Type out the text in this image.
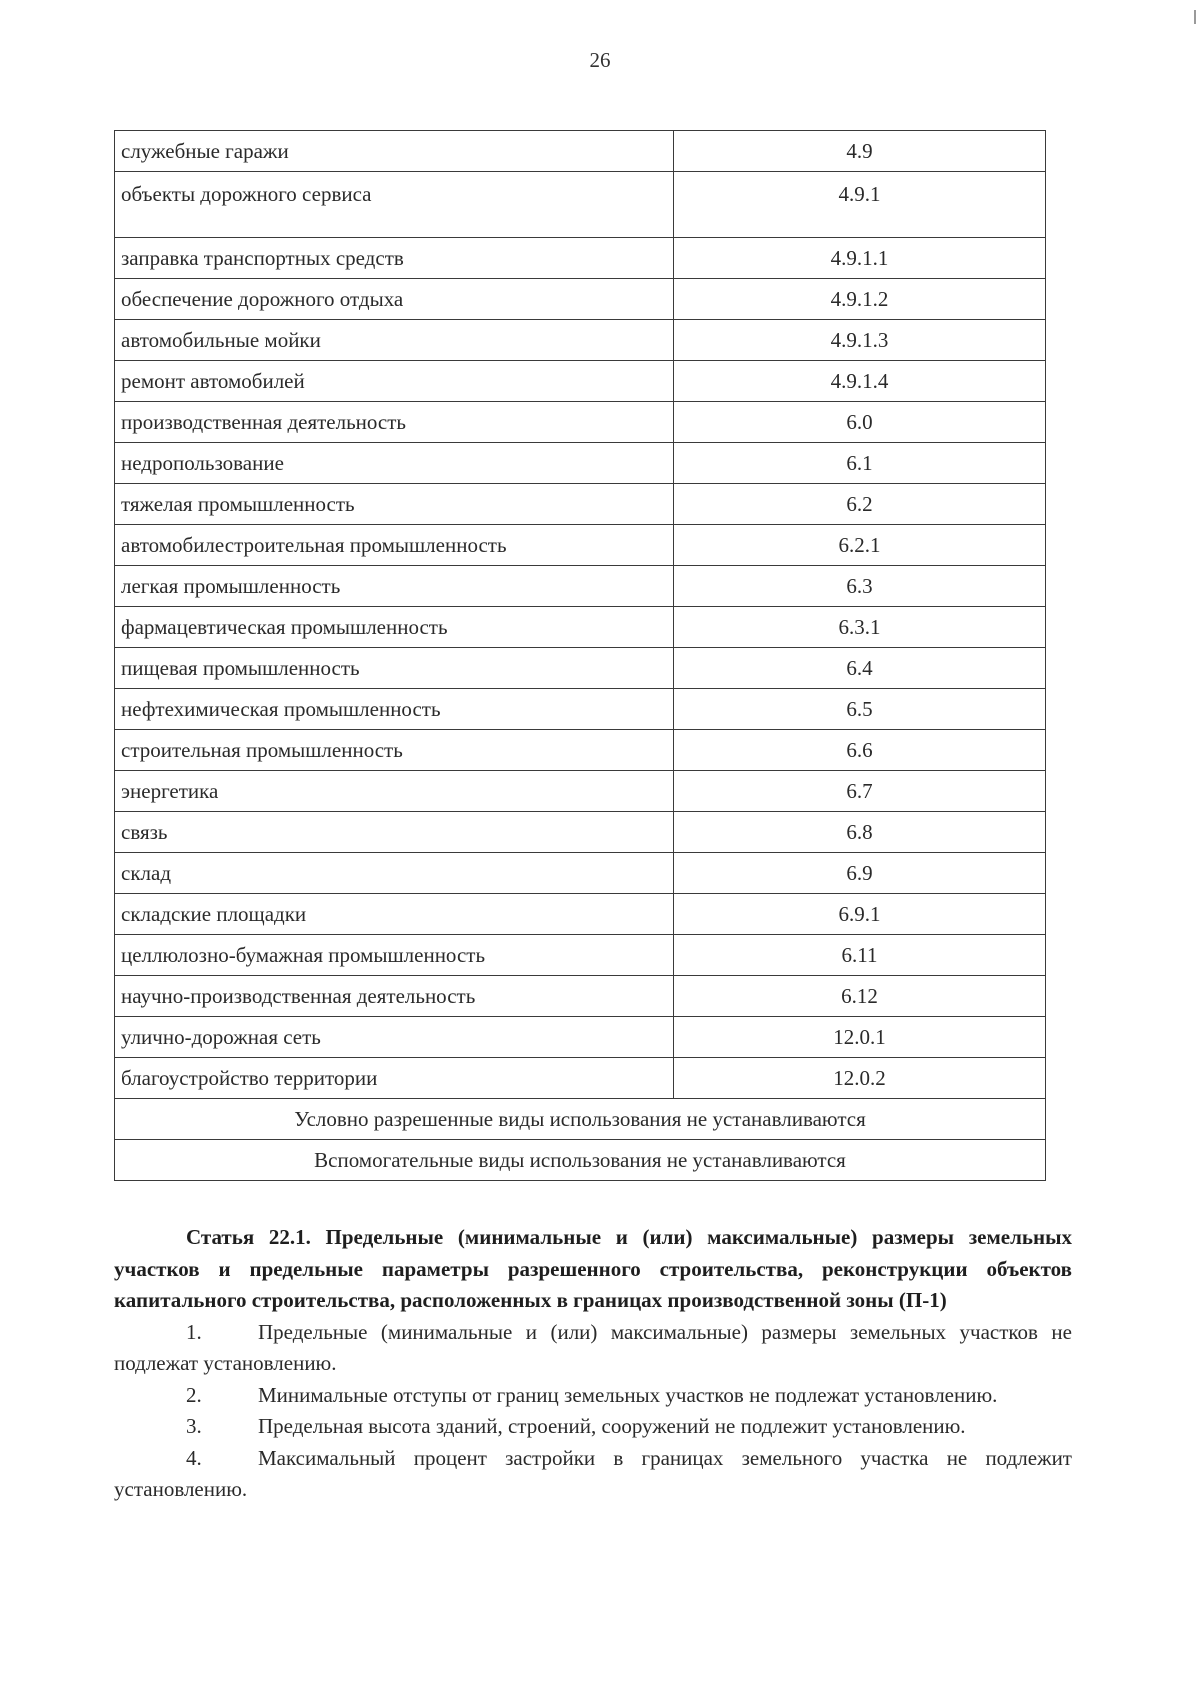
26
служебные гаражи	4.9
объекты дорожного сервиса	4.9.1
заправка транспортных средств	4.9.1.1
обеспечение дорожного отдыха	4.9.1.2
автомобильные мойки	4.9.1.3
ремонт автомобилей	4.9.1.4
производственная деятельность	6.0
недропользование	6.1
тяжелая промышленность	6.2
автомобилестроительная промышленность	6.2.1
легкая промышленность	6.3
фармацевтическая промышленность	6.3.1
пищевая промышленность	6.4
нефтехимическая промышленность	6.5
строительная промышленность	6.6
энергетика	6.7
связь	6.8
склад	6.9
складские площадки	6.9.1
целлюлозно-бумажная промышленность	6.11
научно-производственная деятельность	6.12
улично-дорожная сеть	12.0.1
благоустройство территории	12.0.2
Условно разрешенные виды использования не устанавливаются	
Вспомогательные виды использования не устанавливаются	

Статья 22.1. Предельные (минимальные и (или) максимальные) размеры земельных участков и предельные параметры разрешенного строительства, реконструкции объектов капитального строительства, расположенных в границах производственной зоны (П-1)

1.	Предельные (минимальные и (или) максимальные) размеры земельных участков не подлежат установлению.

2.	Минимальные отступы от границ земельных участков не подлежат установлению.

3.	Предельная высота зданий, строений, сооружений не подлежит установлению.

4.	Максимальный процент застройки в границах земельного участка не подлежит установлению.
